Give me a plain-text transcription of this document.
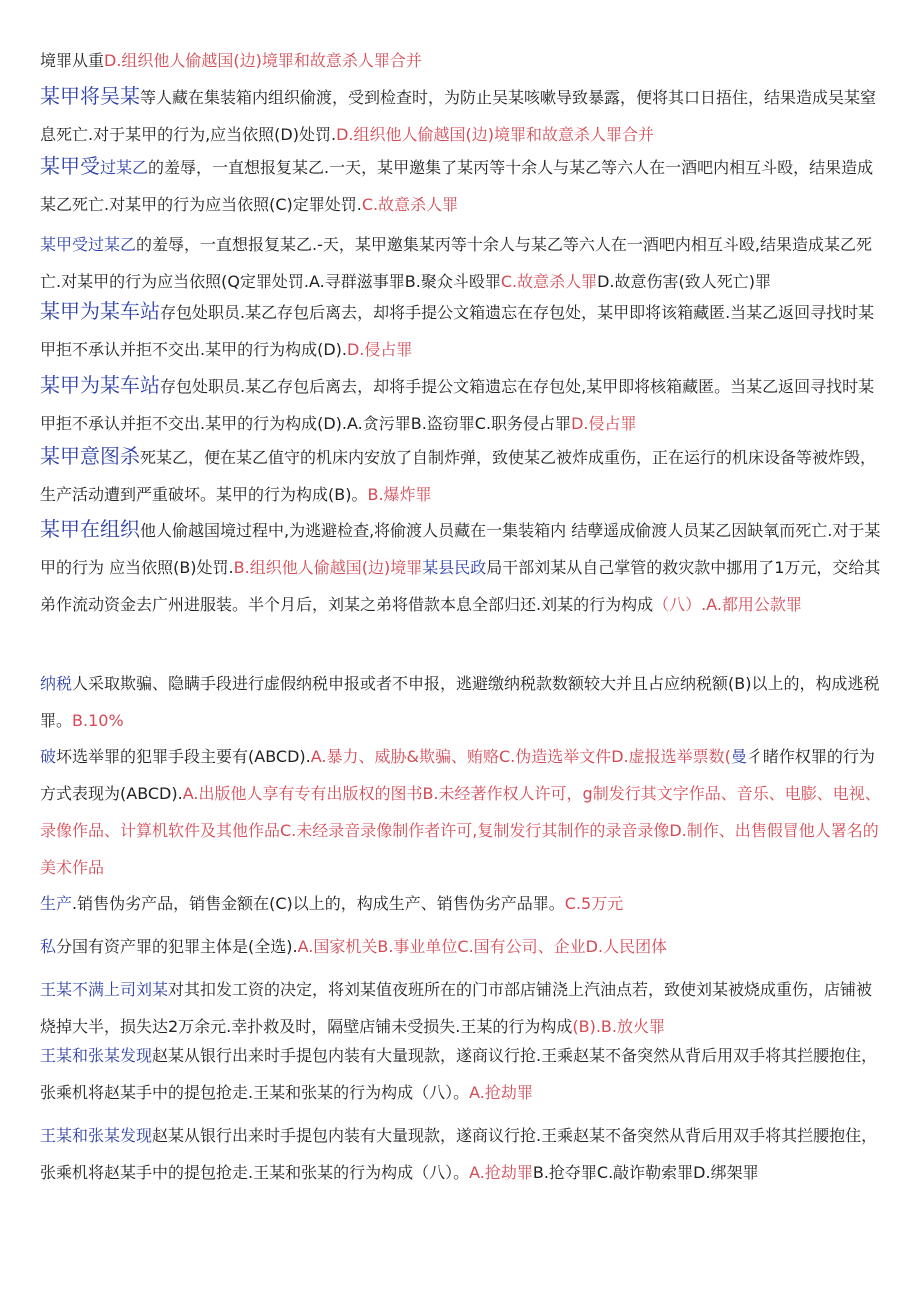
境罪从重D.组织他人偷越国(边)境罪和故意杀人罪合并
某甲将吴某等人藏在集装箱内组织偷渡，受到检查时，为防止吴某咳嗽导致暴露，便将其口日捂住，结果造成吴某窒息死亡.对于某甲的行为,应当依照(D)处罚.D.组织他人偷越国(边)境罪和故意杀人罪合并
某甲受过某乙的羞辱，一直想报复某乙.一天，某甲邀集了某丙等十余人与某乙等六人在一酒吧内相互斗殴，结果造成某乙死亡.对某甲的行为应当依照(C)定罪处罚.C.故意杀人罪
某甲受过某乙的羞辱，一直想报复某乙.-天，某甲邀集某丙等十余人与某乙等六人在一酒吧内相互斗殴,结果造成某乙死亡.对某甲的行为应当依照(Q定罪处罚.A.寻群滋事罪B.聚众斗殴罪C.故意杀人罪D.故意伤害(致人死亡)罪
某甲为某车站存包处职员.某乙存包后离去，却将手提公文箱遗忘在存包处，某甲即将该箱藏匿.当某乙返回寻找时某甲拒不承认并拒不交出.某甲的行为构成(D).D.侵占罪
某甲为某车站存包处职员.某乙存包后离去，却将手提公文箱遗忘在存包处,某甲即将核箱藏匿。当某乙返回寻找时某甲拒不承认并拒不交出.某甲的行为构成(D).A.贪污罪B.盗窃罪C.职务侵占罪D.侵占罪
某甲意图杀死某乙，便在某乙值守的机床内安放了自制炸弹，致使某乙被炸成重伤，正在运行的机床设备等被炸毁，生产活动遭到严重破坏。某甲的行为构成(B)。B.爆炸罪
某甲在组织他人偷越国境过程中,为逃避检查,将偷渡人员藏在一集装箱内 结孽遥成偷渡人员某乙因缺氧而死亡.对于某甲的行为 应当依照(B)处罚.B.组织他人偷越国(边)境罪某县民政局干部刘某从自己掌管的救灾款中挪用了1万元，交给其弟作流动资金去广州进服装。半个月后，刘某之弟将借款本息全部归还.刘某的行为构成（八）.A.都用公款罪
纳税人采取欺骗、隐瞒手段进行虚假纳税申报或者不申报，逃避缴纳税款数额较大并且占应纳税额(B)以上的，构成逃税罪。B.10%
破坏选举罪的犯罪手段主要有(ABCD).A.暴力、威胁&欺骗、贿赂C.伪造选举文件D.虚报选举票数(曼彳睹作权罪的行为方式表现为(ABCD).A.出版他人享有专有出版权的图书B.未经著作权人许可，g制发行其文字作品、音乐、电膨、电视、录像作品、计算机软件及其他作品C.未经录音录像制作者许可,复制发行其制作的录音录像D.制作、出售假冒他人署名的美术作品
生产.销售伪劣产品，销售金额在(C)以上的，构成生产、销售伪劣产品罪。C.5万元
私分国有资产罪的犯罪主体是(全选).A.国家机关B.事业单位C.国有公司、企业D.人民团体
王某不满上司刘某对其扣发工资的决定，将刘某值夜班所在的门市部店铺浇上汽油点若，致使刘某被烧成重伤，店铺被烧掉大半，损失达2万余元.幸扑救及时，隔壁店铺未受损失.王某的行为构成(B).B.放火罪
王某和张某发现赵某从银行出来时手提包内装有大量现款，遂商议行抢.王乘赵某不备突然从背后用双手将其拦腰抱住，张乘机将赵某手中的提包抢走.王某和张某的行为构成（八）。A.抢劫罪
王某和张某发现赵某从银行出来时手提包内装有大量现款，遂商议行抢.王乘赵某不备突然从背后用双手将其拦腰抱住，张乘机将赵某手中的提包抢走.王某和张某的行为构成（八）。A.抢劫罪B.抢夺罪C.敲诈勒索罪D.绑架罪
